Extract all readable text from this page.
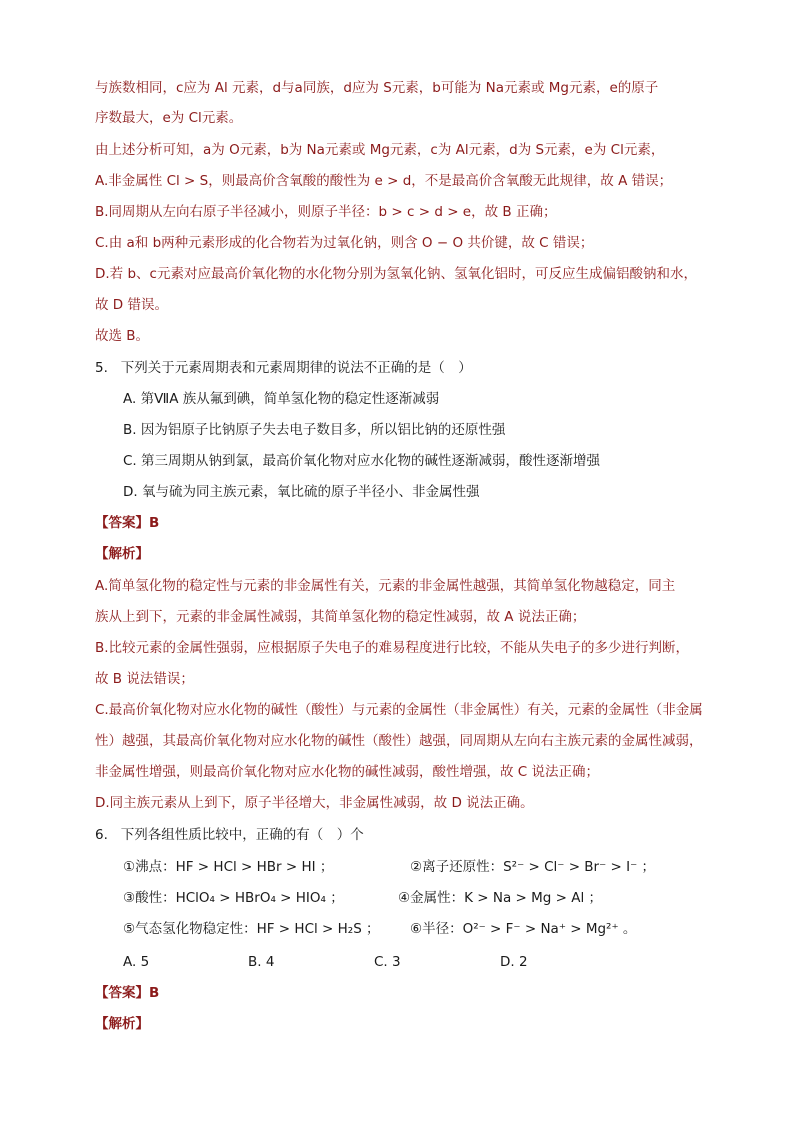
与族数相同，c应为 Al 元素，d与a同族，d应为 S元素，b可能为 Na元素或 Mg元素，e的原子
序数最大，e为 Cl元素。
由上述分析可知，a为 O元素，b为 Na元素或 Mg元素，c为 Al元素，d为 S元素，e为 Cl元素，
A.非金属性 Cl > S，则最高价含氧酸的酸性为 e > d，不是最高价含氧酸无此规律，故 A 错误；
B.同周期从左向右原子半径减小，则原子半径：b > c > d > e，故 B 正确；
C.由 a和 b两种元素形成的化合物若为过氧化钠，则含 O − O 共价键，故 C 错误；
D.若 b、c元素对应最高价氧化物的水化物分别为氢氧化钠、氢氧化铝时，可反应生成偏铝酸钠和水，
故 D 错误。
故选 B。
5.   下列关于元素周期表和元素周期律的说法不正确的是（　）
A. 第ⅦA 族从氟到碘，简单氢化物的稳定性逐渐减弱
B. 因为铝原子比钠原子失去电子数目多，所以铝比钠的还原性强
C. 第三周期从钠到氯，最高价氧化物对应水化物的碱性逐渐减弱，酸性逐渐增强
D. 氧与硫为同主族元素，氧比硫的原子半径小、非金属性强
【答案】B
【解析】
A.简单氢化物的稳定性与元素的非金属性有关，元素的非金属性越强，其简单氢化物越稳定，同主
族从上到下，元素的非金属性减弱，其简单氢化物的稳定性减弱，故 A 说法正确；
B.比较元素的金属性强弱，应根据原子失电子的难易程度进行比较，不能从失电子的多少进行判断，
故 B 说法错误；
C.最高价氧化物对应水化物的碱性（酸性）与元素的金属性（非金属性）有关，元素的金属性（非金属
性）越强，其最高价氧化物对应水化物的碱性（酸性）越强，同周期从左向右主族元素的金属性减弱，
非金属性增强，则最高价氧化物对应水化物的碱性减弱，酸性增强，故 C 说法正确；
D.同主族元素从上到下，原子半径增大，非金属性减弱，故 D 说法正确。
6.   下列各组性质比较中，正确的有（　）个
①沸点：HF > HCl > HBr > HI ；	②离子还原性：S²⁻ > Cl⁻ > Br⁻ > I⁻ ；
③酸性：HClO₄ > HBrO₄ > HIO₄ ；	④金属性：K > Na > Mg > Al ；
⑤气态氢化物稳定性：HF > HCl > H₂S ； ⑥半径：O²⁻ > F⁻ > Na⁺ > Mg²⁺ 。
A. 5	B. 4	C. 3	D. 2
【答案】B
【解析】
